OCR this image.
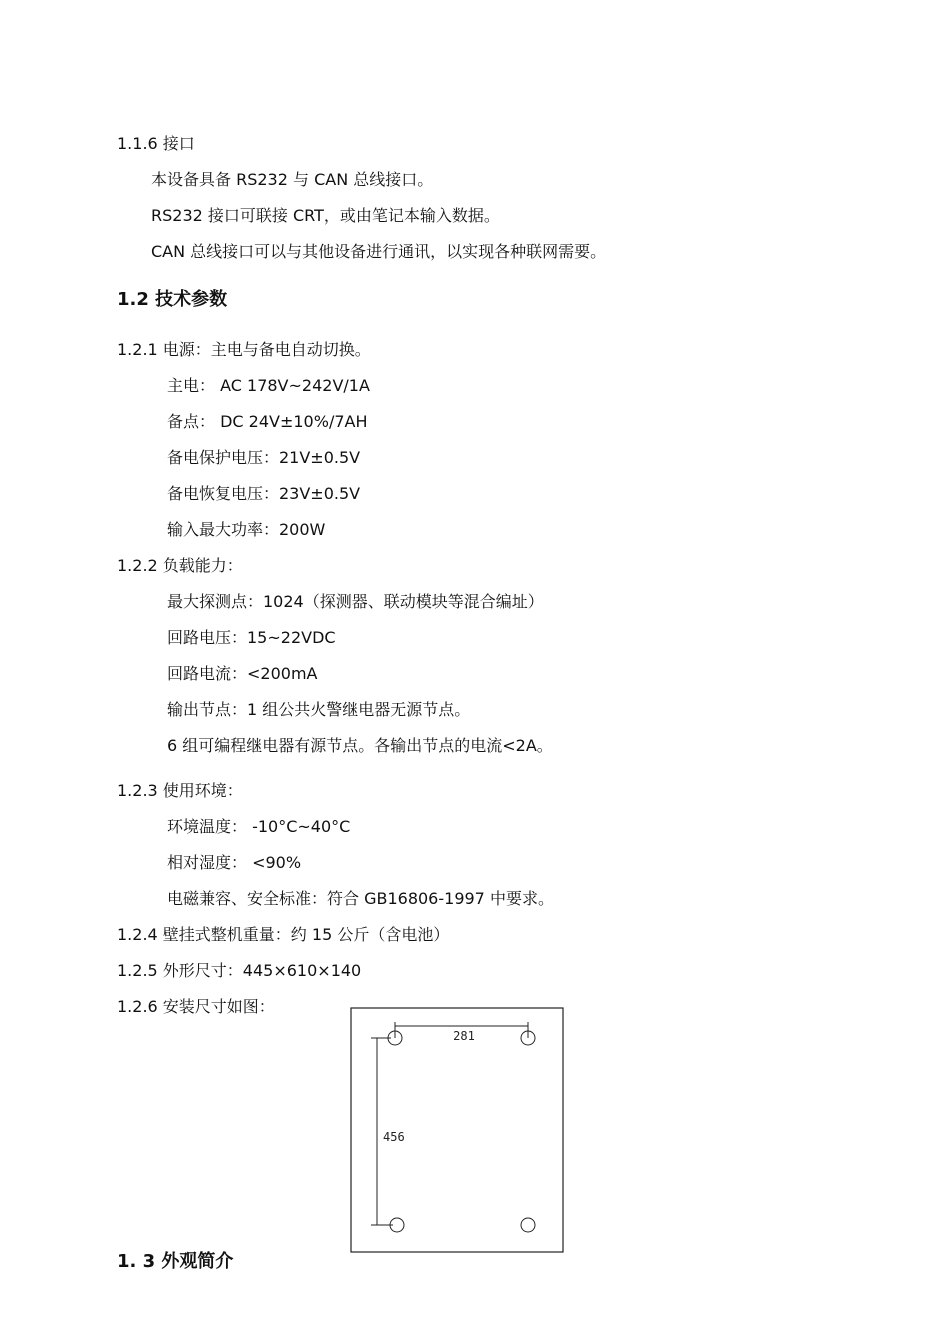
1.1.6 接口
本设备具备 RS232 与 CAN 总线接口。
RS232 接口可联接 CRT，或由笔记本输入数据。
CAN 总线接口可以与其他设备进行通讯，以实现各种联网需要。
1.2 技术参数
1.2.1 电源：主电与备电自动切换。
主电： AC 178V~242V/1A
备点： DC 24V±10%/7AH
备电保护电压：21V±0.5V
备电恢复电压：23V±0.5V
输入最大功率：200W
1.2.2 负载能力：
最大探测点：1024（探测器、联动模块等混合编址）
回路电压：15~22VDC
回路电流：<200mA
输出节点：1 组公共火警继电器无源节点。
6 组可编程继电器有源节点。各输出节点的电流<2A。
1.2.3 使用环境：
环境温度： -10°C~40°C
相对湿度： <90%
电磁兼容、安全标准：符合 GB16806-1997 中要求。
1.2.4 壁挂式整机重量：约 15 公斤（含电池）
1.2.5 外形尺寸：445×610×140
1.2.6 安装尺寸如图：
281
456
1. 3 外观简介
